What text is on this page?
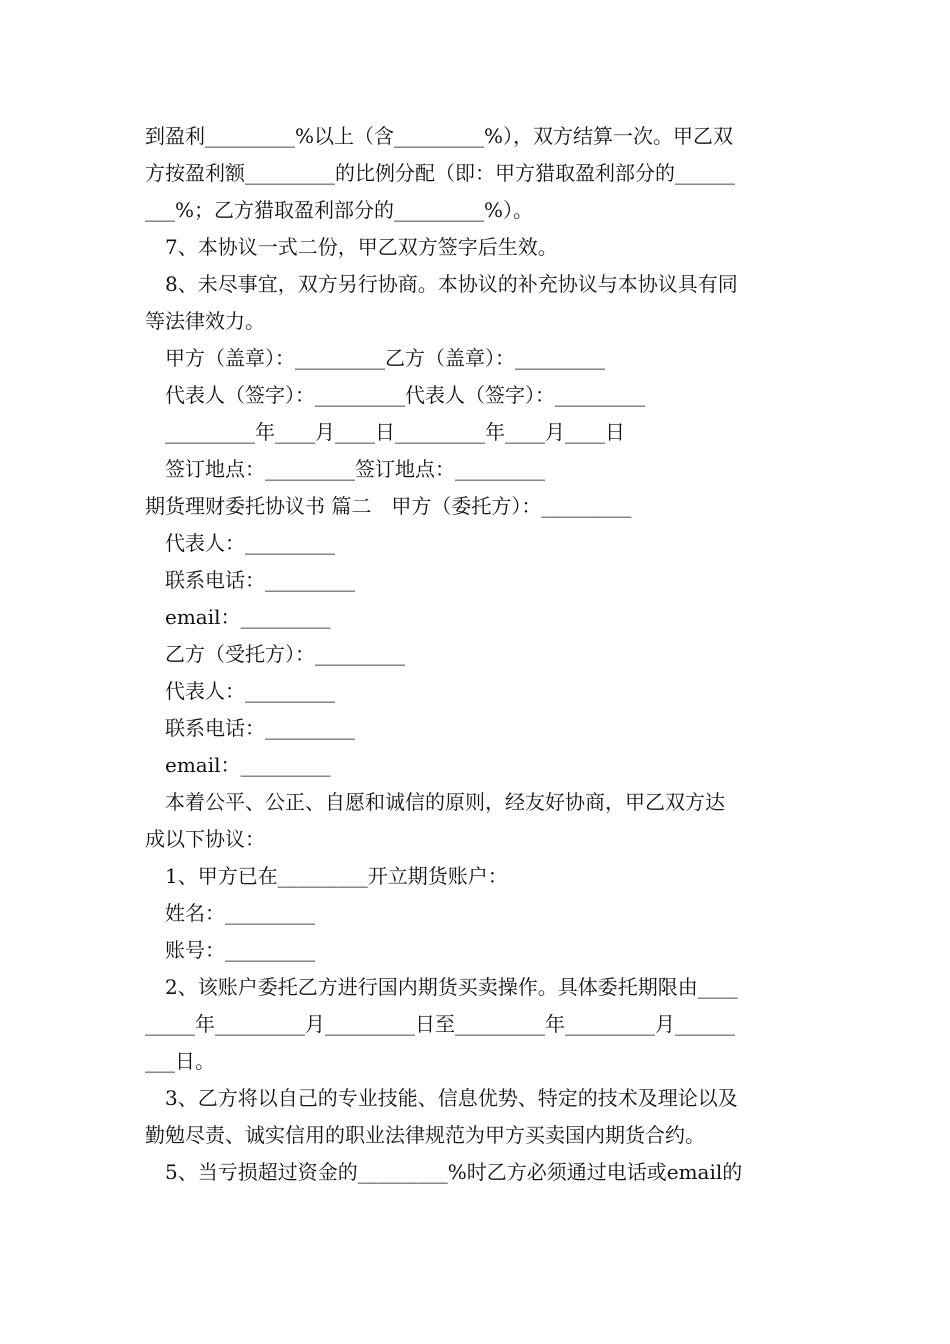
到盈利_________%以上（含_________%），双方结算一次。甲乙双
方按盈利额_________的比例分配（即：甲方猎取盈利部分的______
___%；乙方猎取盈利部分的_________%）。
7、本协议一式二份，甲乙双方签字后生效。
8、未尽事宜，双方另行协商。本协议的补充协议与本协议具有同
等法律效力。
甲方（盖章）：_________乙方（盖章）：_________
代表人（签字）：_________代表人（签字）：_________
_________年____月____日_________年____月____日
签订地点：_________签订地点：_________
期货理财委托协议书 篇二　甲方（委托方）：_________
代表人：_________
联系电话：_________
email：_________
乙方（受托方）：_________
代表人：_________
联系电话：_________
email：_________
本着公平、公正、自愿和诚信的原则，经友好协商，甲乙双方达
成以下协议：
1、甲方已在_________开立期货账户：
姓名：_________
账号：_________
2、该账户委托乙方进行国内期货买卖操作。具体委托期限由____
_____年_________月_________日至_________年_________月______
___日。
3、乙方将以自己的专业技能、信息优势、特定的技术及理论以及
勤勉尽责、诚实信用的职业法律规范为甲方买卖国内期货合约。
5、当亏损超过资金的_________%时乙方必须通过电话或email的
